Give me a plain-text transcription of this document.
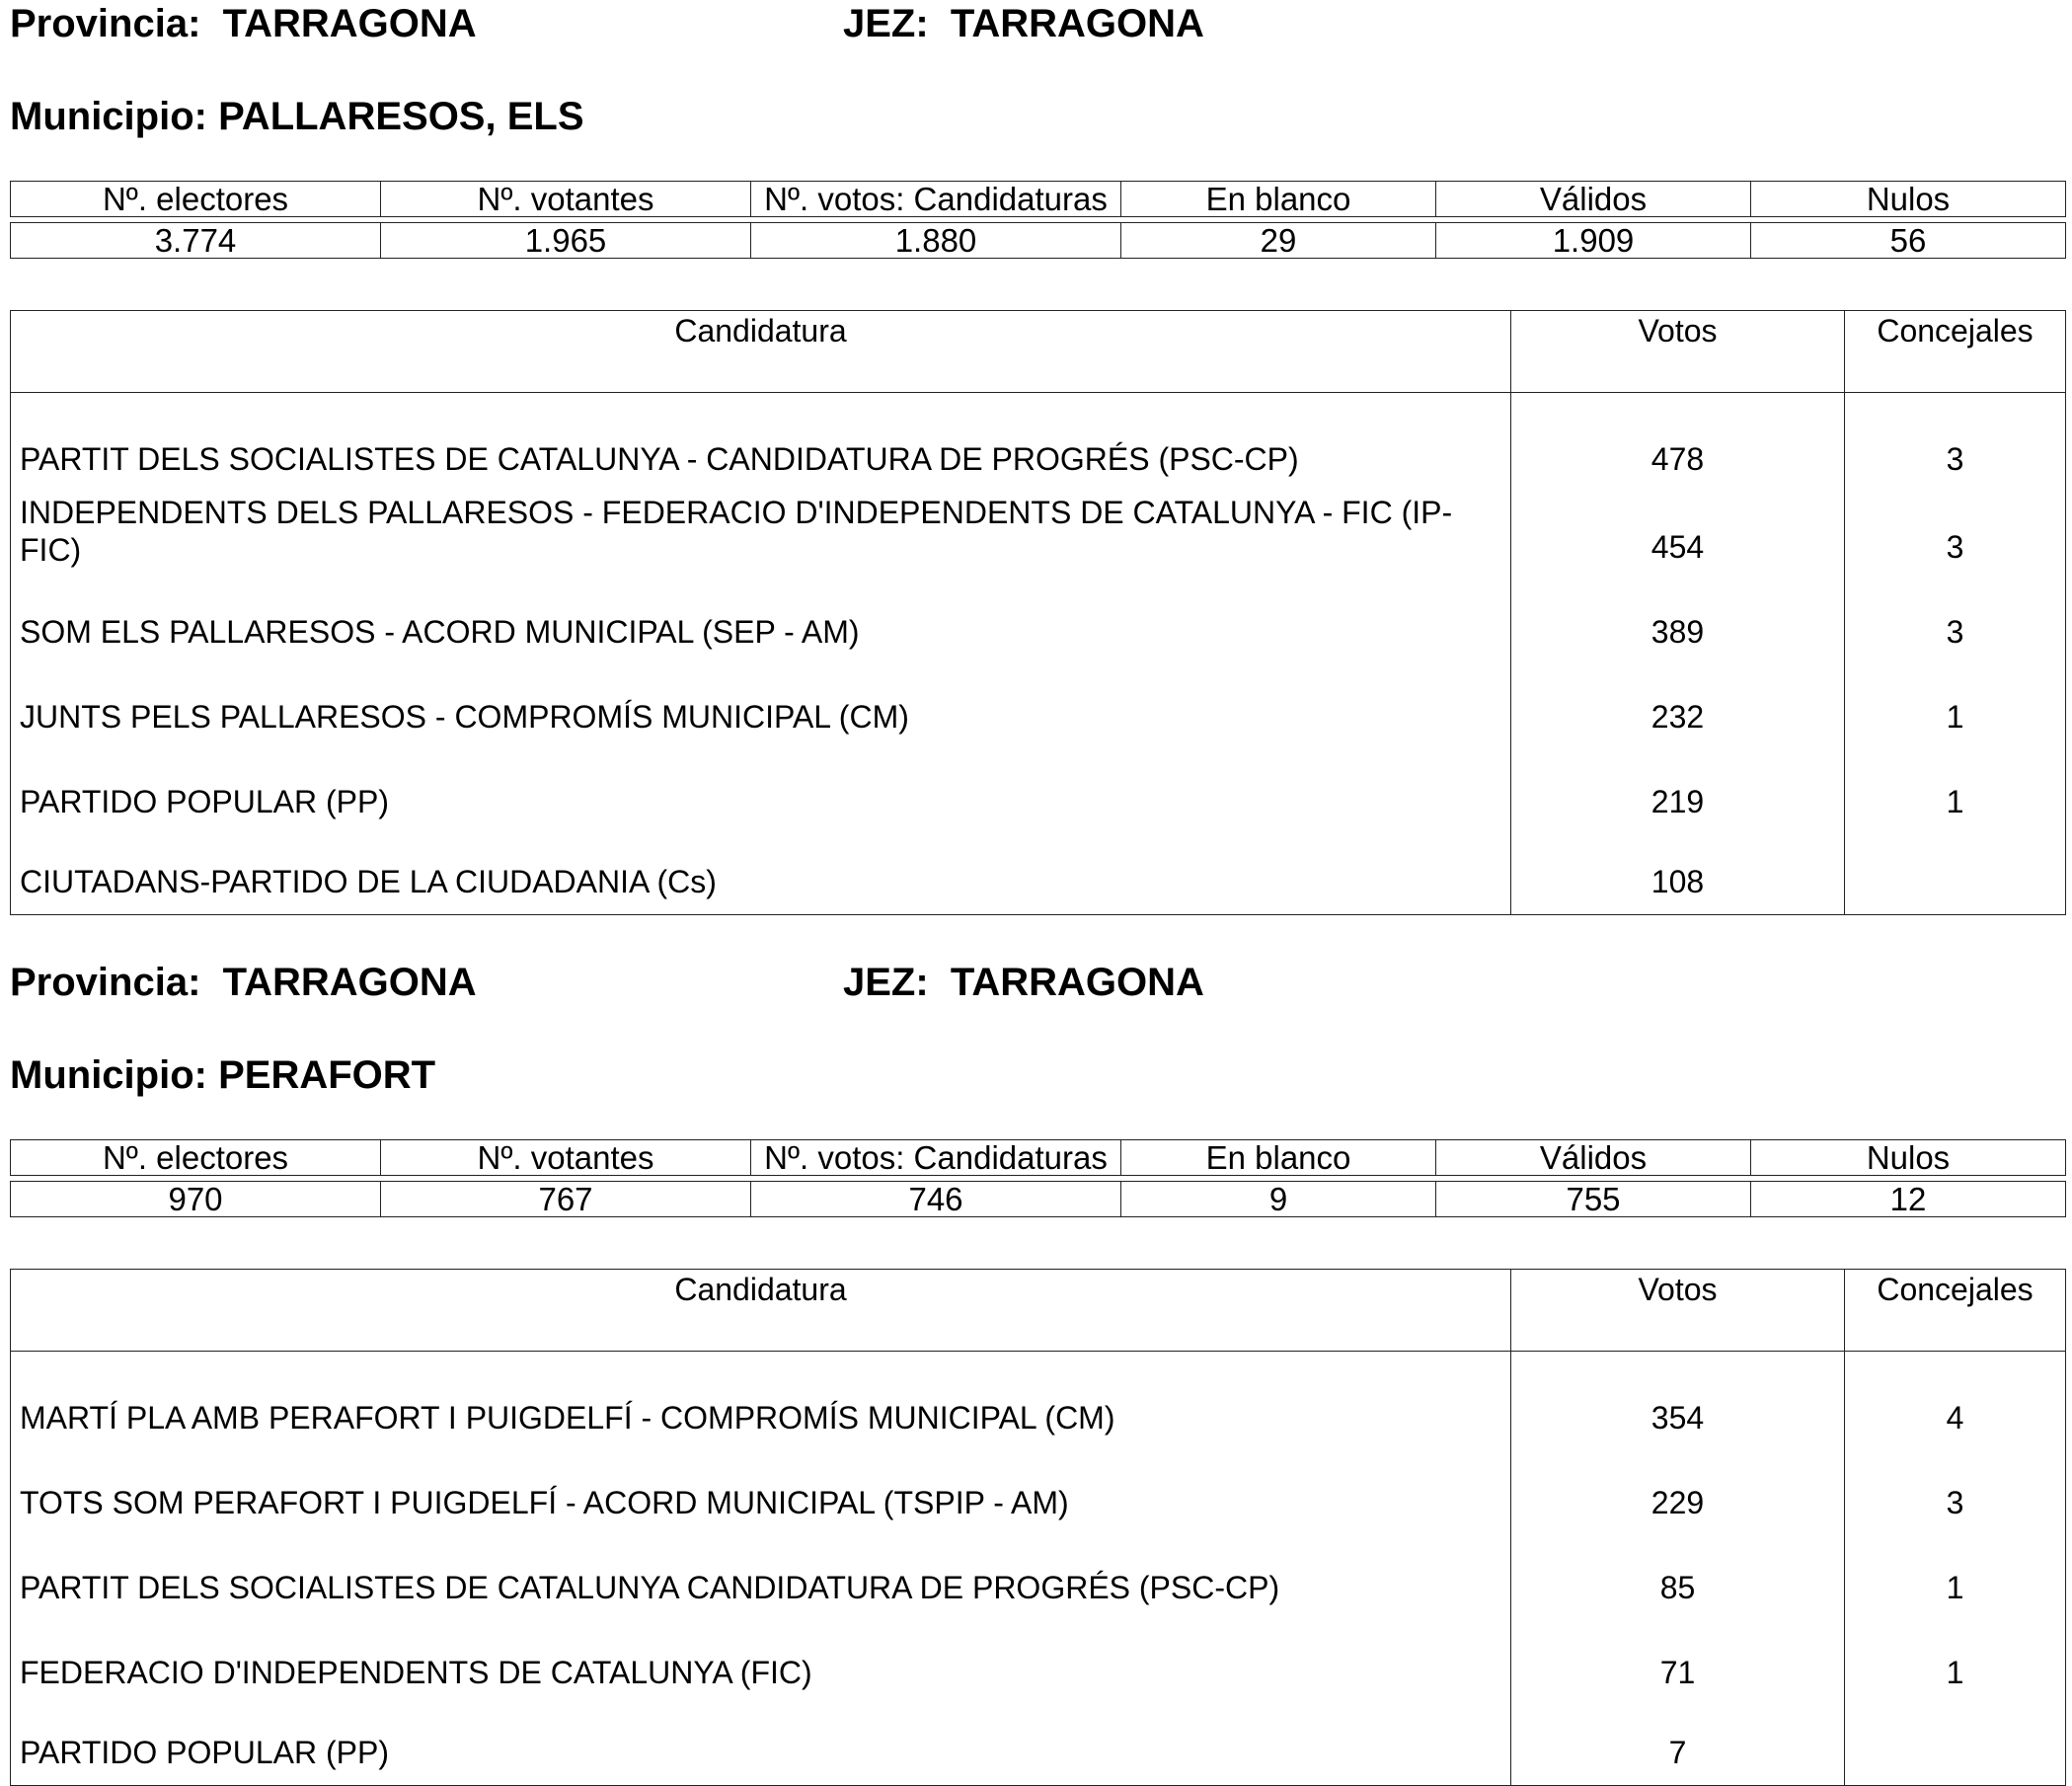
Provincia: TARRAGONA	JEZ: TARRAGONA
Municipio: PALLARESOS, ELS
Nº. electores	Nº. votantes	Nº. votos: Candidaturas	En blanco	Válidos	Nulos

3.774	1.965	1.880	29	1.909	56
Candidatura	Votos	Concejales
PARTIT DELS SOCIALISTES DE CATALUNYA - CANDIDATURA DE PROGRÉS (PSC-CP)	478	3
INDEPENDENTS DELS PALLARESOS - FEDERACIO D'INDEPENDENTS DE CATALUNYA - FIC (IP-FIC)	454	3
SOM ELS PALLARESOS - ACORD MUNICIPAL (SEP - AM)	389	3
JUNTS PELS PALLARESOS - COMPROMÍS MUNICIPAL (CM)	232	1
PARTIDO POPULAR (PP)	219	1
CIUTADANS-PARTIDO DE LA CIUDADANIA (Cs)	108	
Provincia: TARRAGONA	JEZ: TARRAGONA
Municipio: PERAFORT
Nº. electores	Nº. votantes	Nº. votos: Candidaturas	En blanco	Válidos	Nulos

970	767	746	9	755	12
Candidatura	Votos	Concejales
MARTÍ PLA AMB PERAFORT I PUIGDELFÍ - COMPROMÍS MUNICIPAL (CM)	354	4
TOTS SOM PERAFORT I PUIGDELFÍ - ACORD MUNICIPAL (TSPIP - AM)	229	3
PARTIT DELS SOCIALISTES DE CATALUNYA CANDIDATURA DE PROGRÉS (PSC-CP)	85	1
FEDERACIO D'INDEPENDENTS DE CATALUNYA (FIC)	71	1
PARTIDO POPULAR (PP)	7	
